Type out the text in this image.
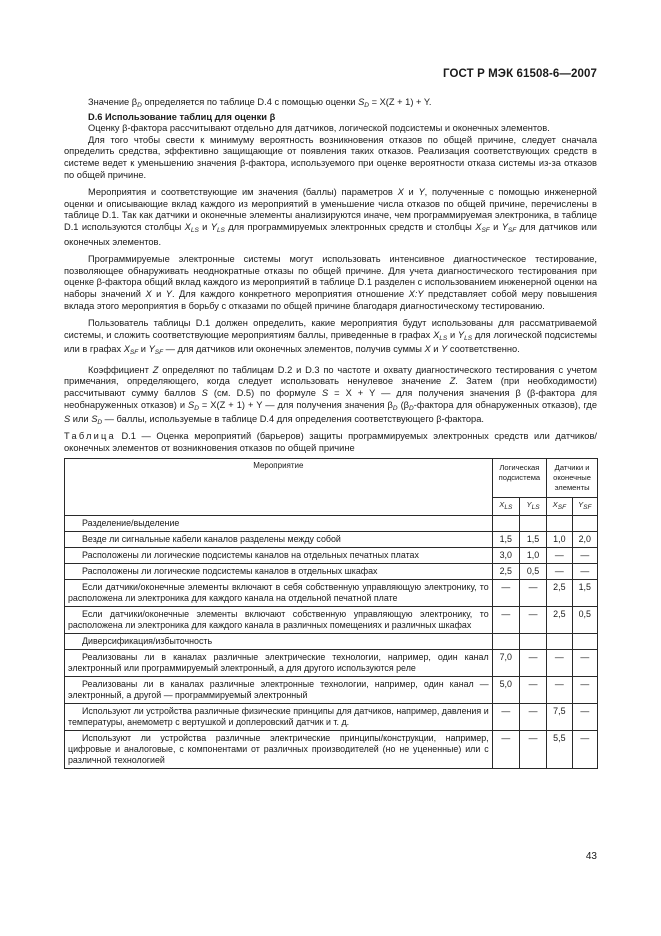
ГОСТ Р МЭК 61508-6—2007

Значение $\beta_D$ определяется по таблице D.4 с помощью оценки $S_D = X(Z + 1) + Y$.

D.6 Использование таблиц для оценки β

Оценку β-фактора рассчитывают отдельно для датчиков, логической подсистемы и оконечных элементов.

Для того чтобы свести к минимуму вероятность возникновения отказов по общей причине, следует сначала определить средства, эффективно защищающие от появления таких отказов. Реализация соответствующих средств в системе ведет к уменьшению значения β-фактора, используемого при оценке вероятности отказа системы из-за отказов по общей причине.

Мероприятия и соответствующие им значения (баллы) параметров X и Y, полученные с помощью инженерной оценки и описывающие вклад каждого из мероприятий в уменьшение числа отказов по общей причине, перечислены в таблице D.1. Так как датчики и оконечные элементы анализируются иначе, чем программируемая электроника, в таблице D.1 используются столбцы $X_{LS}$ и $Y_{LS}$ для программируемых электронных средств и столбцы $X_{SF}$ и $Y_{SF}$ для датчиков или оконечных элементов.

Программируемые электронные системы могут использовать интенсивное диагностическое тестирование, позволяющее обнаруживать неоднократные отказы по общей причине. Для учета диагностического тестирования при оценке β-фактора общий вклад каждого из мероприятий в таблице D.1 разделен с использованием инженерной оценки на наборы значений X и Y. Для каждого конкретного мероприятия отношение X:Y представляет собой меру повышения вклада этого мероприятия в борьбу с отказами по общей причине благодаря диагностическому тестированию.

Пользователь таблицы D.1 должен определить, какие мероприятия будут использованы для рассматриваемой системы, и сложить соответствующие мероприятиям баллы, приведенные в графах $X_{LS}$ и $Y_{LS}$ для логической подсистемы или в графах $X_{SF}$ и $Y_{SF}$ — для датчиков или оконечных элементов, получив суммы X и Y соответственно.

Коэффициент Z определяют по таблицам D.2 и D.3 по частоте и охвату диагностического тестирования с учетом примечания, определяющего, когда следует использовать ненулевое значение Z. Затем (при необходимости) рассчитывают сумму баллов S (см. D.5) по формуле S = X + Y — для получения значения β (β-фактора для необнаруженных отказов) и $S_D = X(Z + 1) + Y$ — для получения значения $\beta_D$ ($\beta_D$-фактора для обнаруженных отказов), где S или $S_D$ — баллы, используемые в таблице D.4 для определения соответствующего β-фактора.

Таблица D.1 — Оценка мероприятий (барьеров) защиты программируемых электронных средств или датчиков/оконечных элементов от возникновения отказов по общей причине
Мероприятие	Логическая подсистема		Датчики и оконечные элементы	
	XLS	YLS	XSF	YSF
Разделение/выделение				
Везде ли сигнальные кабели каналов разделены между собой	1,5	1,5	1,0	2,0
Расположены ли логические подсистемы каналов на отдельных печатных платах	3,0	1,0	—	—
Расположены ли логические подсистемы каналов в отдельных шкафах	2,5	0,5	—	—
Если датчики/оконечные элементы включают в себя собственную управляющую электронику, то расположена ли электроника для каждого канала на отдельной печатной плате	—	—	2,5	1,5
Если датчики/оконечные элементы включают собственную управляющую электронику, то расположена ли электроника для каждого канала в различных помещениях и различных шкафах	—	—	2,5	0,5
Диверсификация/избыточность				
Реализованы ли в каналах различные электрические технологии, например, один канал электронный или программируемый электронный, а для другого используются реле	7,0	—	—	—
Реализованы ли в каналах различные электронные технологии, например, один канал — электронный, а другой — программируемый электронный	5,0	—	—	—
Используют ли устройства различные физические принципы для датчиков, например, давления и температуры, анемометр с вертушкой и доплеровский датчик и т. д.	—	—	7,5	—
Используют ли устройства различные электрические принципы/конструкции, например, цифровые и аналоговые, с компонентами от различных производителей (но не уцененные) или с различной технологией	—	—	5,5	—
43
